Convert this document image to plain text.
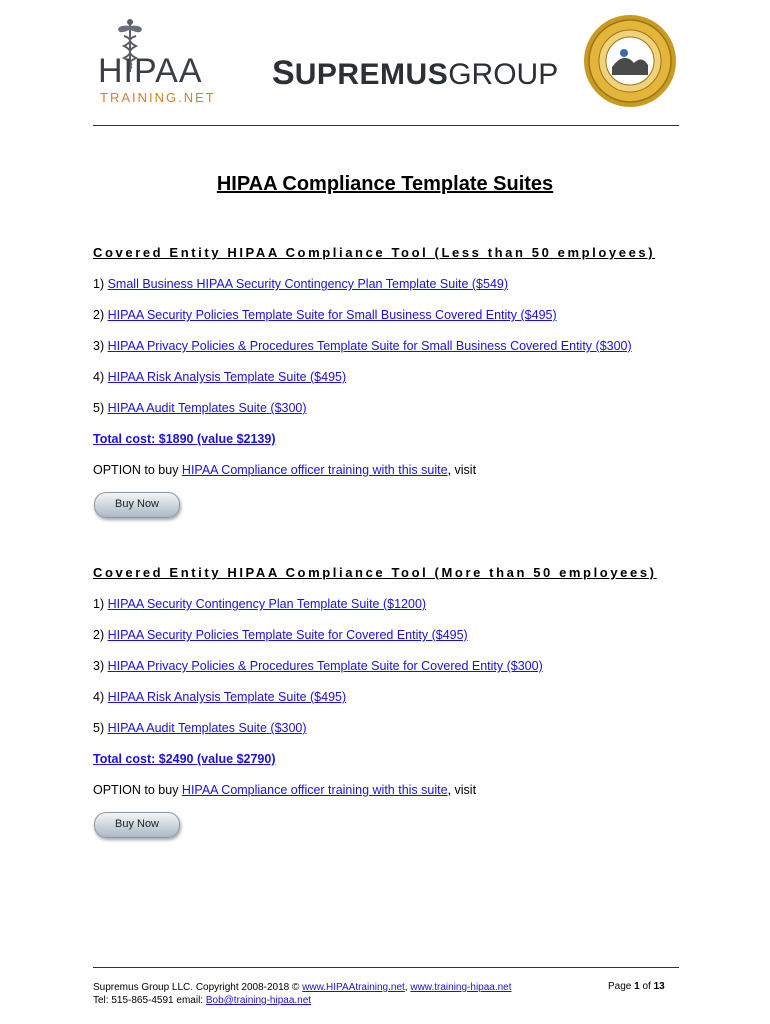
HIPAA
TRAINING.NET
SUPREMUSGROUP
HIPAA Compliance Template Suites
Covered Entity HIPAA Compliance Tool (Less than 50 employees)
1) Small Business HIPAA Security Contingency Plan Template Suite ($549)
2) HIPAA Security Policies Template Suite for Small Business Covered Entity ($495)
3) HIPAA Privacy Policies & Procedures Template Suite for Small Business Covered Entity ($300)
4) HIPAA Risk Analysis Template Suite ($495)
5) HIPAA Audit Templates Suite ($300)
Total cost: $1890 (value $2139)
OPTION to buy HIPAA Compliance officer training with this suite, visit
Buy Now
Covered Entity HIPAA Compliance Tool (More than 50 employees)
1) HIPAA Security Contingency Plan Template Suite ($1200)
2) HIPAA Security Policies Template Suite for Covered Entity ($495)
3) HIPAA Privacy Policies & Procedures Template Suite for Covered Entity ($300)
4) HIPAA Risk Analysis Template Suite ($495)
5) HIPAA Audit Templates Suite ($300)
Total cost: $2490 (value $2790)
OPTION to buy HIPAA Compliance officer training with this suite, visit
Buy Now
Supremus Group LLC. Copyright 2008-2018 © www.HIPAAtraining.net, www.training-hipaa.net
Tel: 515-865-4591 email: Bob@training-hipaa.net
Page 1 of 13
